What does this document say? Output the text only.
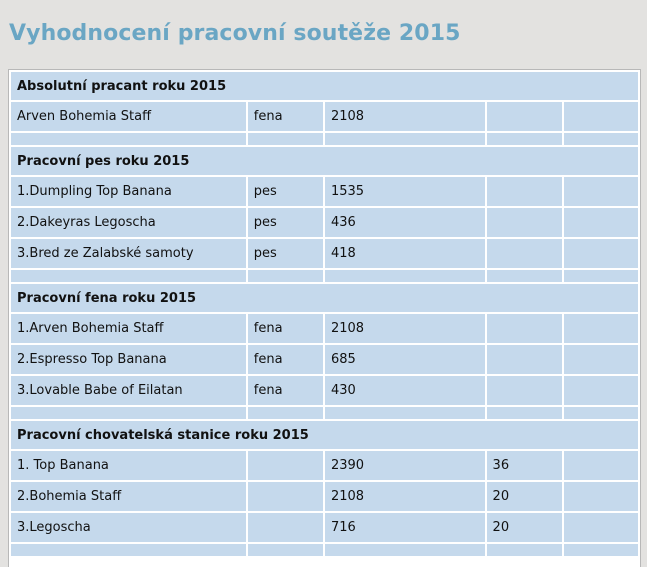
Vyhodnocení pracovní soutěže 2015
Absolutní pracant roku 2015				
Arven Bohemia Staff	fena	2108		

Pracovní pes roku 2015				
1.Dumpling Top Banana	pes	1535		
2.Dakeyras Legoscha	pes	436		
3.Bred ze Zalabské samoty	pes	418		

Pracovní fena roku 2015				
1.Arven Bohemia Staff	fena	2108		
2.Espresso Top Banana	fena	685		
3.Lovable Babe of Eilatan	fena	430		

Pracovní chovatelská stanice roku 2015				
1. Top Banana		2390	36	
2.Bohemia Staff		2108	20	
3.Legoscha		716	20	
